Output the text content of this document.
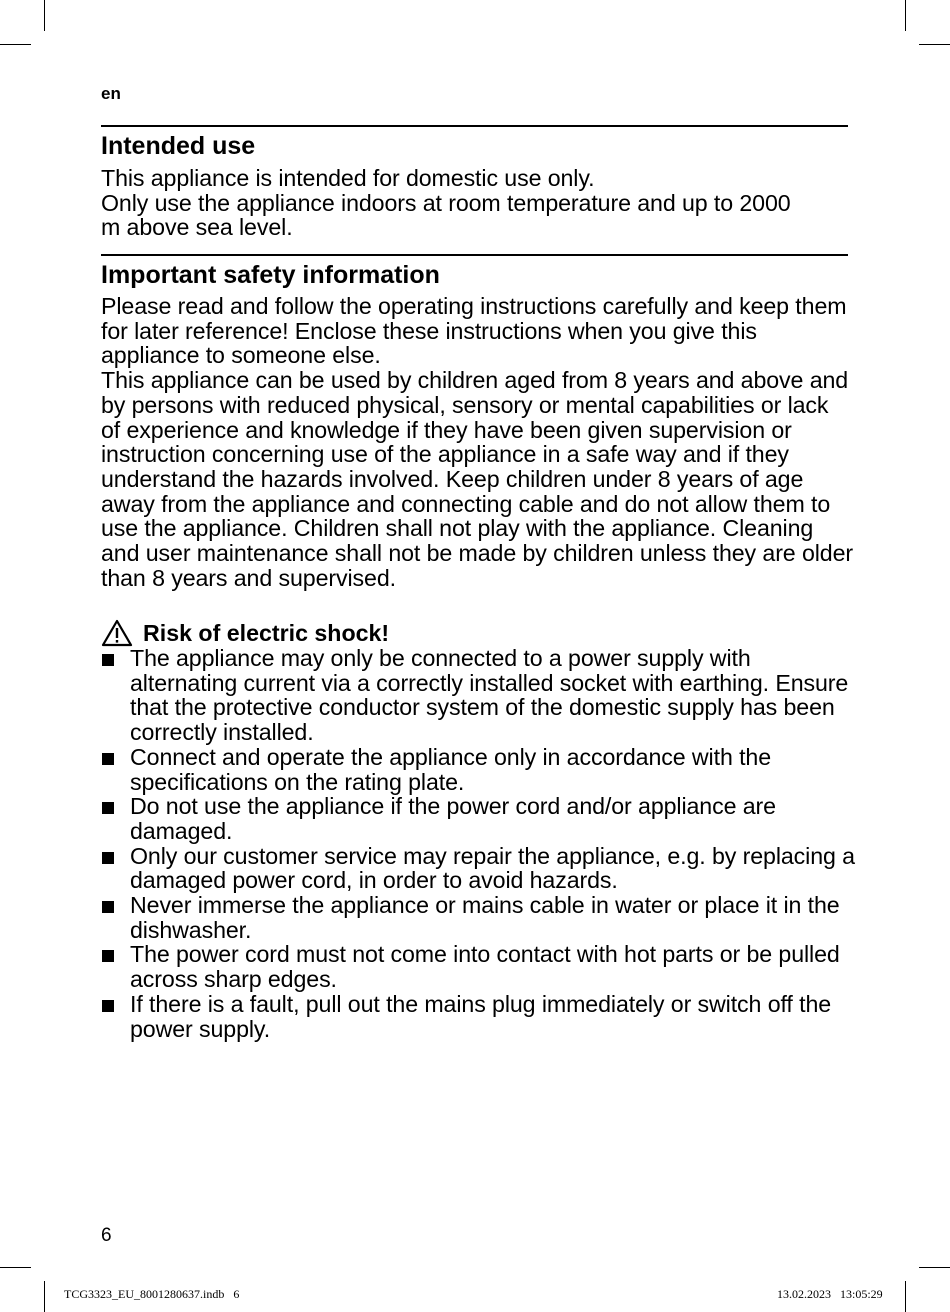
en
Intended use

This appliance is intended for domestic use only.

Only use the appliance indoors at room temperature and up to 2000 m above sea level.

Important safety information

Please read and follow the operating instructions carefully and keep them for later reference! Enclose these instructions when you give this appliance to someone else.

This appliance can be used by children aged from 8 years and above and by persons with reduced physical, sensory or mental capabilities or lack of experience and knowledge if they have been given supervision or instruction concerning use of the appliance in a safe way and if they understand the hazards involved. Keep children under 8 years of age away from the appliance and connecting cable and do not allow them to use the appliance. Children shall not play with the appliance. Cleaning and user maintenance shall not be made by children unless they are older than 8 years and supervised.

Risk of electric shock!
The appliance may only be connected to a power supply with alternating current via a correctly installed socket with earthing. Ensure that the protective conductor system of the domestic supply has been correctly installed.
Connect and operate the appliance only in accordance with the specifications on the rating plate.
Do not use the appliance if the power cord and/or appliance are damaged.
Only our customer service may repair the appliance, e.g. by replacing a damaged power cord, in order to avoid hazards.
Never immerse the appliance or mains cable in water or place it in the dishwasher.
The power cord must not come into contact with hot parts or be pulled across sharp edges.
If there is a fault, pull out the mains plug immediately or switch off the power supply.
6
TCG3323_EU_8001280637.indb   6	13.02.2023   13:05:29
